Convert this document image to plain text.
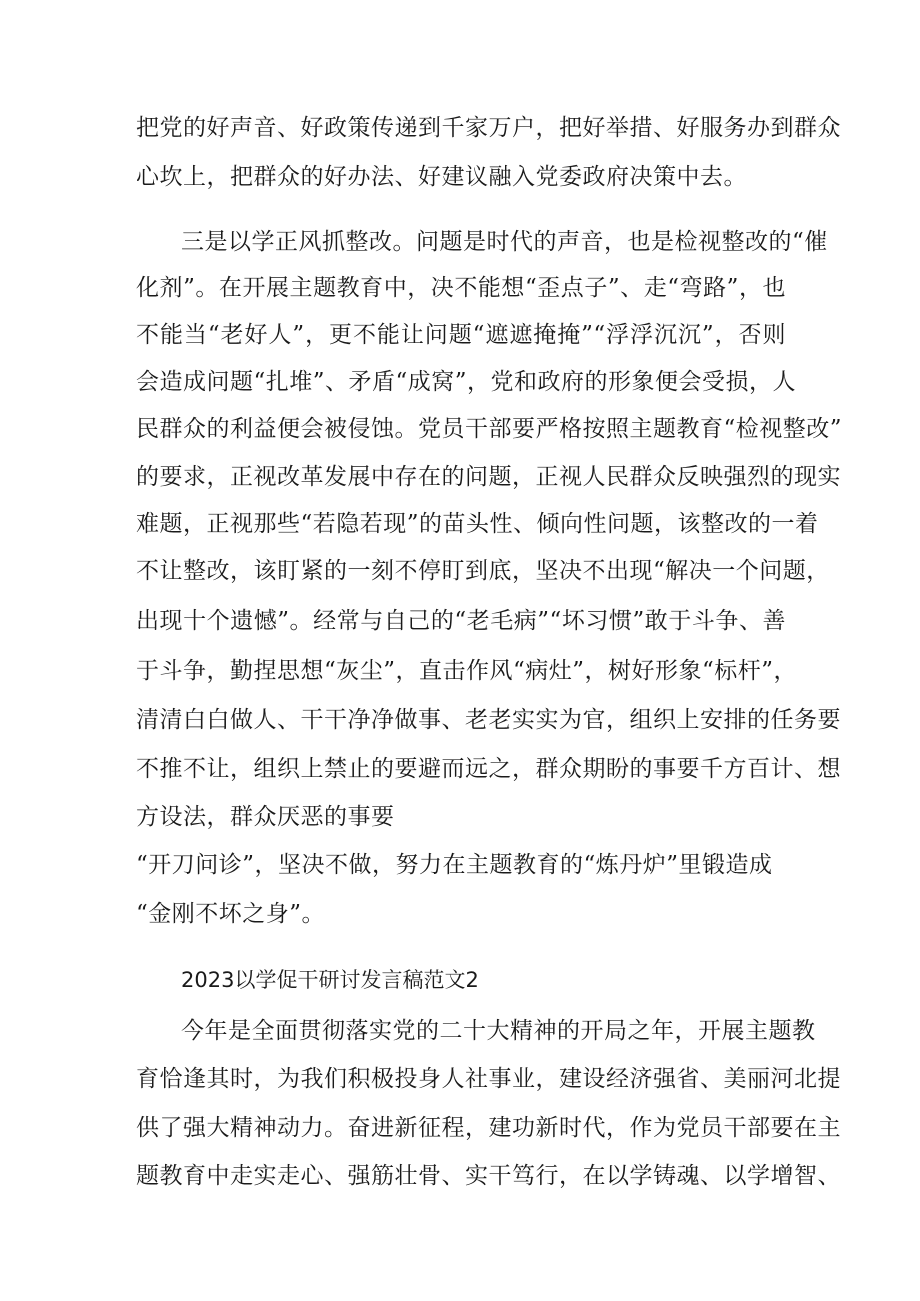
把党的好声音、好政策传递到千家万户，把好举措、好服务办到群众
心坎上，把群众的好办法、好建议融入党委政府决策中去。
三是以学正风抓整改。问题是时代的声音，也是检视整改的“催
化剂”。在开展主题教育中，决不能想“歪点子”、走“弯路”，也
不能当“老好人”，更不能让问题“遮遮掩掩”“浮浮沉沉”，否则
会造成问题“扎堆”、矛盾“成窝”，党和政府的形象便会受损，人
民群众的利益便会被侵蚀。党员干部要严格按照主题教育“检视整改”
的要求，正视改革发展中存在的问题，正视人民群众反映强烈的现实
难题，正视那些“若隐若现”的苗头性、倾向性问题，该整改的一着
不让整改，该盯紧的一刻不停盯到底，坚决不出现“解决一个问题，
出现十个遗憾”。经常与自己的“老毛病”“坏习惯”敢于斗争、善
于斗争，勤捏思想“灰尘”，直击作风“病灶”，树好形象“标杆”，
清清白白做人、干干净净做事、老老实实为官，组织上安排的任务要
不推不让，组织上禁止的要避而远之，群众期盼的事要千方百计、想
方设法，群众厌恶的事要
“开刀问诊”，坚决不做，努力在主题教育的“炼丹炉”里锻造成
“金刚不坏之身”。
2023以学促干研讨发言稿范文2
今年是全面贯彻落实党的二十大精神的开局之年，开展主题教
育恰逢其时，为我们积极投身人社事业，建设经济强省、美丽河北提
供了强大精神动力。奋进新征程，建功新时代，作为党员干部要在主
题教育中走实走心、强筋壮骨、实干笃行，在以学铸魂、以学增智、
